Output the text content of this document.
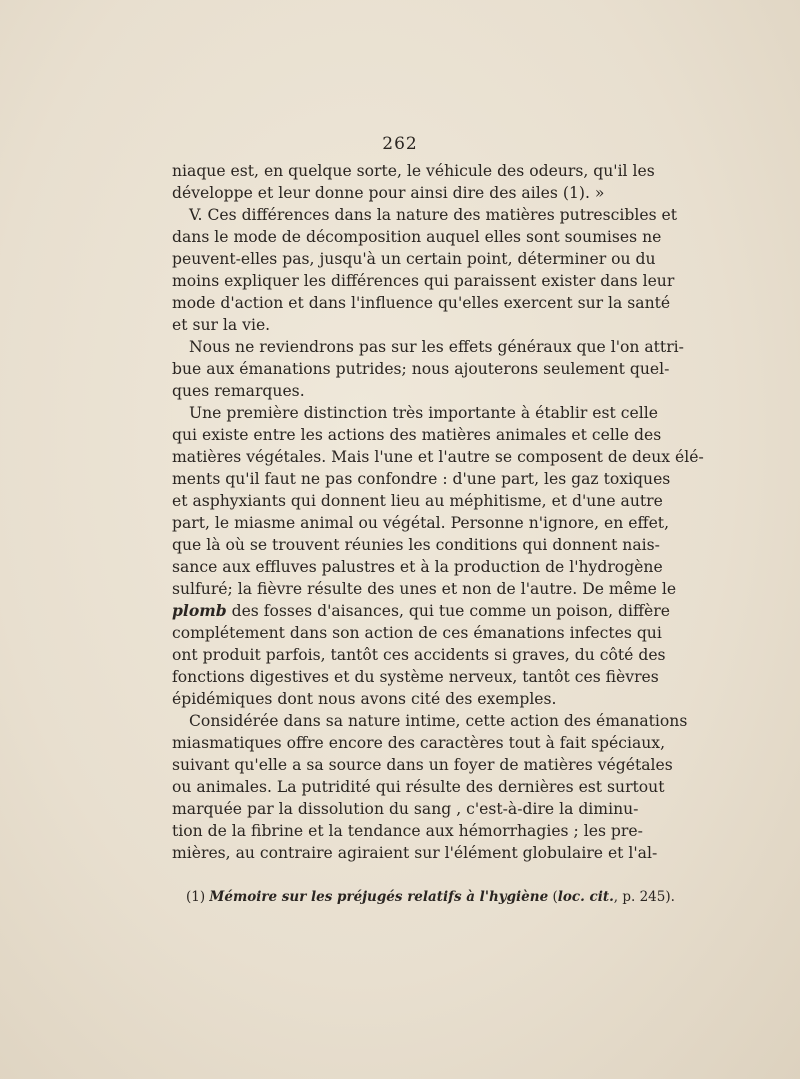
262
niaque est, en quelque sorte, le véhicule des odeurs, qu'il les
développe et leur donne pour ainsi dire des ailes (1). »
V. Ces différences dans la nature des matières putrescibles et
dans le mode de décomposition auquel elles sont soumises ne
peuvent-elles pas, jusqu'à un certain point, déterminer ou du
moins expliquer les différences qui paraissent exister dans leur
mode d'action et dans l'influence qu'elles exercent sur la santé
et sur la vie.
Nous ne reviendrons pas sur les effets généraux que l'on attri-
bue aux émanations putrides; nous ajouterons seulement quel-
ques remarques.
Une première distinction très importante à établir est celle
qui existe entre les actions des matières animales et celle des
matières végétales. Mais l'une et l'autre se composent de deux élé-
ments qu'il faut ne pas confondre : d'une part, les gaz toxiques
et asphyxiants qui donnent lieu au méphitisme, et d'une autre
part, le miasme animal ou végétal. Personne n'ignore, en effet,
que là où se trouvent réunies les conditions qui donnent nais-
sance aux effluves palustres et à la production de l'hydrogène
sulfuré; la fièvre résulte des unes et non de l'autre. De même le
plomb des fosses d'aisances, qui tue comme un poison, diffère
complétement dans son action de ces émanations infectes qui
ont produit parfois, tantôt ces accidents si graves, du côté des
fonctions digestives et du système nerveux, tantôt ces fièvres
épidémiques dont nous avons cité des exemples.
Considérée dans sa nature intime, cette action des émanations
miasmatiques offre encore des caractères tout à fait spéciaux,
suivant qu'elle a sa source dans un foyer de matières végétales
ou animales. La putridité qui résulte des dernières est surtout
marquée par la dissolution du sang , c'est-à-dire la diminu-
tion de la fibrine et la tendance aux hémorrhagies ; les pre-
mières, au contraire agiraient sur l'élément globulaire et l'al-
(1) Mémoire sur les préjugés relatifs à l'hygiène (loc. cit., p. 245).
